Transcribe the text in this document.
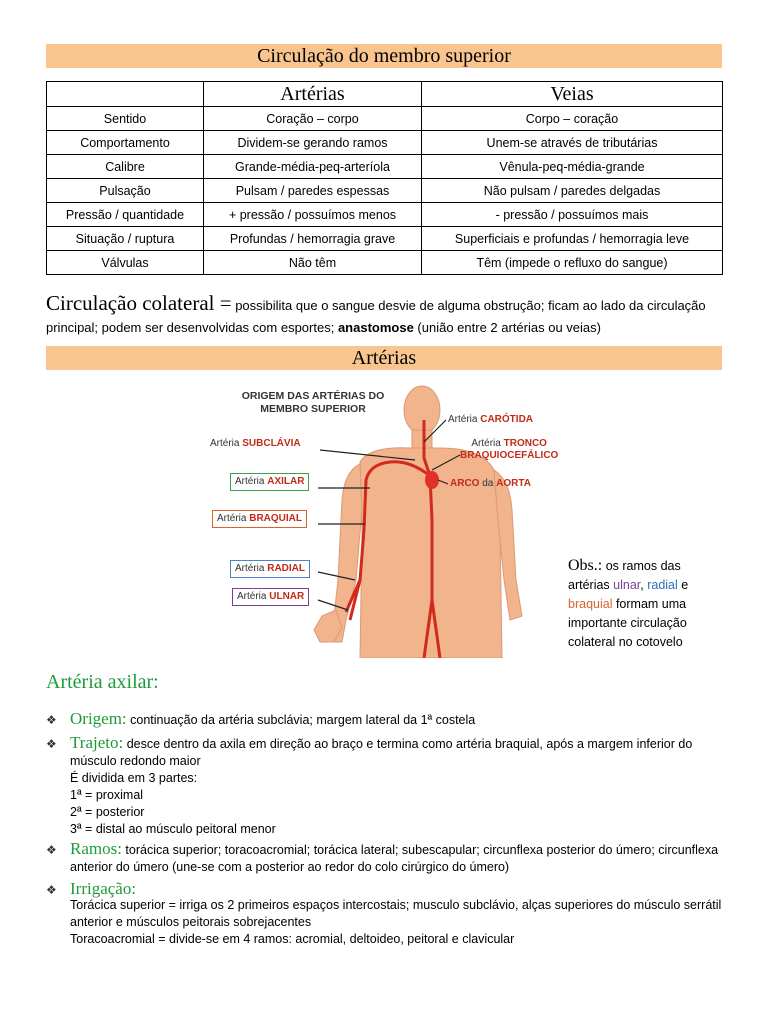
Circulação do membro superior
	Artérias	Veias
Sentido	Coração – corpo	Corpo – coração
Comportamento	Dividem-se gerando ramos	Unem-se através de tributárias
Calibre	Grande-média-peq-arteríola	Vênula-peq-média-grande
Pulsação	Pulsam / paredes espessas	Não pulsam / paredes delgadas
Pressão / quantidade	+ pressão / possuímos menos	- pressão / possuímos mais
Situação / ruptura	Profundas / hemorragia grave	Superficiais e profundas / hemorragia leve
Válvulas	Não têm	Têm (impede o refluxo do sangue)

Circulação colateral = possibilita que o sangue desvie de alguma obstrução; ficam ao lado da circulação principal; podem ser desenvolvidas com esportes; anastomose (união entre 2 artérias ou veias)

Artérias
ORIGEM DAS ARTÉRIAS DO
MEMBRO SUPERIOR
Artéria CARÓTIDA
Artéria SUBCLÁVIA	Artéria TRONCO
BRAQUIOCEFÁLICO
ARCO da AORTA
Artéria AXILAR
Artéria BRAQUIAL
Artéria RADIAL
Artéria ULNAR
Obs.: os ramos das artérias ulnar, radial e braquial formam uma importante circulação colateral no cotovelo
Artéria axilar:
❖ Origem: continuação da artéria subclávia; margem lateral da 1ª costela
❖ Trajeto: desce dentro da axila em direção ao braço e termina como artéria braquial, após a margem inferior do músculo redondo maior
É dividida em 3 partes:
1ª = proximal
2ª = posterior
3ª = distal ao músculo peitoral menor
❖ Ramos: torácica superior; toracoacromial; torácica lateral; subescapular; circunflexa posterior do úmero; circunflexa anterior do úmero (une-se com a posterior ao redor do colo cirúrgico do úmero)
❖ Irrigação:
Torácica superior = irriga os 2 primeiros espaços intercostais; musculo subclávio, alças superiores do músculo serrátil anterior e músculos peitorais sobrejacentes
Toracoacromial = divide-se em 4 ramos: acromial, deltoideo, peitoral e clavicular
